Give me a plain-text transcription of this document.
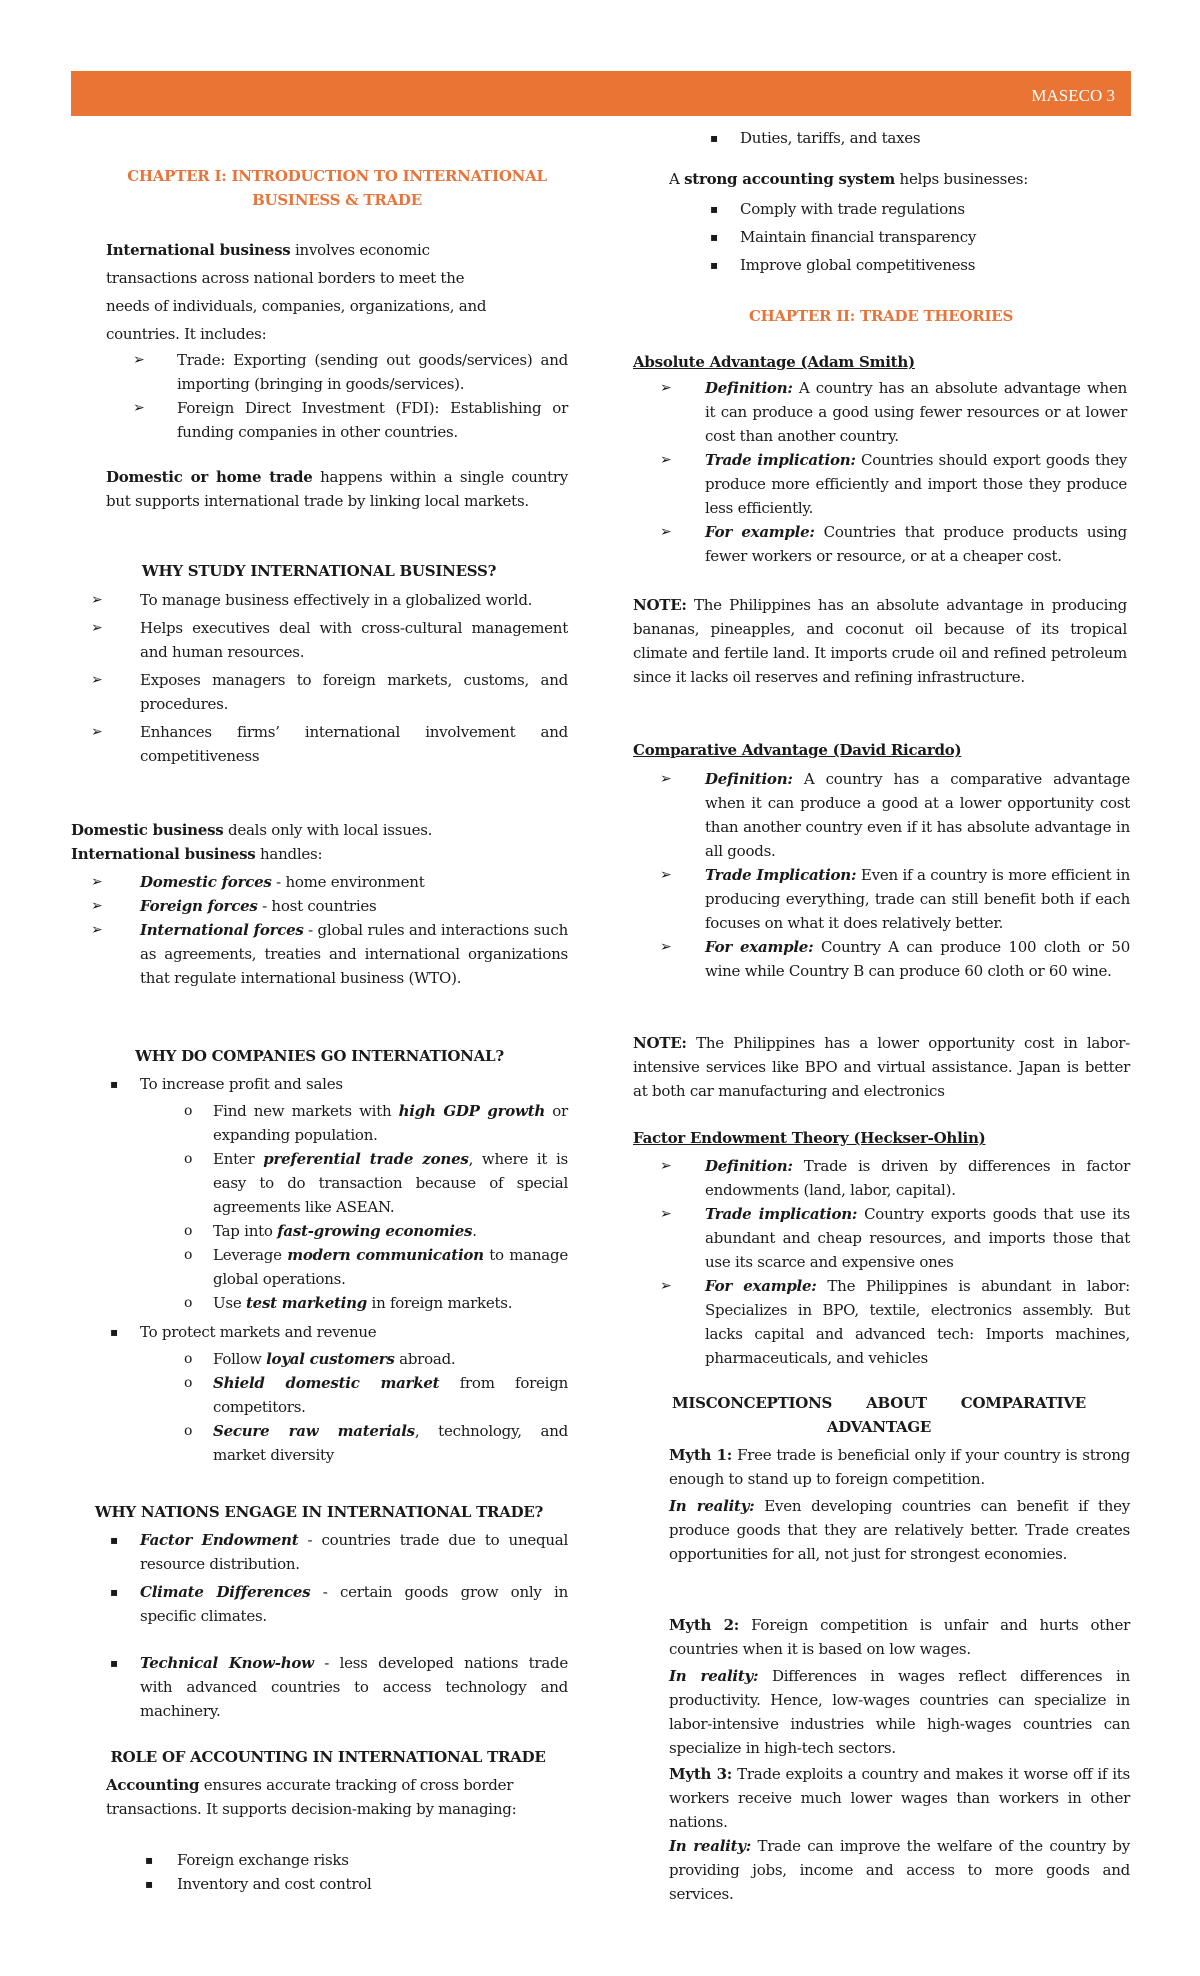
MASECO 3
CHAPTER I: INTRODUCTION TO INTERNATIONAL BUSINESS & TRADE
International business involves economic transactions across national borders to meet the needs of individuals, companies, organizations, and countries. It includes:
➢ Trade: Exporting (sending out goods/services) and importing (bringing in goods/services).
➢ Foreign Direct Investment (FDI): Establishing or funding companies in other countries.
Domestic or home trade happens within a single country but supports international trade by linking local markets.
WHY STUDY INTERNATIONAL BUSINESS?
➢	To manage business effectively in a globalized world.
➢	Helps executives deal with cross-cultural management and human resources.
➢	Exposes managers to foreign markets, customs, and procedures.
➢	Enhances firms’ international involvement and competitiveness
Domestic business deals only with local issues.
International business handles:
➢	Domestic forces - home environment
➢	Foreign forces - host countries
➢	International forces - global rules and interactions such as agreements, treaties and international organizations that regulate international business (WTO).
WHY DO COMPANIES GO INTERNATIONAL?
▪ To increase profit and sales
o Find new markets with high GDP growth or expanding population.
o Enter preferential trade zones, where it is easy to do transaction because of special agreements like ASEAN.
o Tap into fast-growing economies.
o Leverage modern communication to manage global operations.
o Use test marketing in foreign markets.
▪ To protect markets and revenue
o Follow loyal customers abroad.
o Shield domestic market from foreign competitors.
o Secure raw materials, technology, and market diversity
WHY NATIONS ENGAGE IN INTERNATIONAL TRADE?
▪ Factor Endowment - countries trade due to unequal resource distribution.
▪ Climate Differences - certain goods grow only in specific climates.
▪ Technical Know-how - less developed nations trade with advanced countries to access technology and machinery.
ROLE OF ACCOUNTING IN INTERNATIONAL TRADE
Accounting ensures accurate tracking of cross border transactions. It supports decision-making by managing:
▪ Foreign exchange risks
▪ Inventory and cost control
▪ Duties, tariffs, and taxes
A strong accounting system helps businesses:
▪ Comply with trade regulations
▪ Maintain financial transparency
▪ Improve global competitiveness
CHAPTER II: TRADE THEORIES
Absolute Advantage (Adam Smith)
➢ Definition: A country has an absolute advantage when it can produce a good using fewer resources or at lower cost than another country.
➢ Trade implication: Countries should export goods they produce more efficiently and import those they produce less efficiently.
➢ For example: Countries that produce products using fewer workers or resource, or at a cheaper cost.
NOTE: The Philippines has an absolute advantage in producing bananas, pineapples, and coconut oil because of its tropical climate and fertile land. It imports crude oil and refined petroleum since it lacks oil reserves and refining infrastructure.
Comparative Advantage (David Ricardo)
➢ Definition: A country has a comparative advantage when it can produce a good at a lower opportunity cost than another country even if it has absolute advantage in all goods.
➢ Trade Implication: Even if a country is more efficient in producing everything, trade can still benefit both if each focuses on what it does relatively better.
➢ For example: Country A can produce 100 cloth or 50 wine while Country B can produce 60 cloth or 60 wine.
NOTE: The Philippines has a lower opportunity cost in labor-intensive services like BPO and virtual assistance. Japan is better at both car manufacturing and electronics
Factor Endowment Theory (Heckser-Ohlin)
➢ Definition: Trade is driven by differences in factor endowments (land, labor, capital).
➢ Trade implication: Country exports goods that use its abundant and cheap resources, and imports those that use its scarce and expensive ones
➢ For example: The Philippines is abundant in labor: Specializes in BPO, textile, electronics assembly. But lacks capital and advanced tech: Imports machines, pharmaceuticals, and vehicles
MISCONCEPTIONS ABOUT COMPARATIVE ADVANTAGE
Myth 1: Free trade is beneficial only if your country is strong enough to stand up to foreign competition.
In reality: Even developing countries can benefit if they produce goods that they are relatively better. Trade creates opportunities for all, not just for strongest economies.
Myth 2: Foreign competition is unfair and hurts other countries when it is based on low wages.
In reality: Differences in wages reflect differences in productivity. Hence, low-wages countries can specialize in labor-intensive industries while high-wages countries can specialize in high-tech sectors.
Myth 3: Trade exploits a country and makes it worse off if its workers receive much lower wages than workers in other nations.
In reality: Trade can improve the welfare of the country by providing jobs, income and access to more goods and services.
